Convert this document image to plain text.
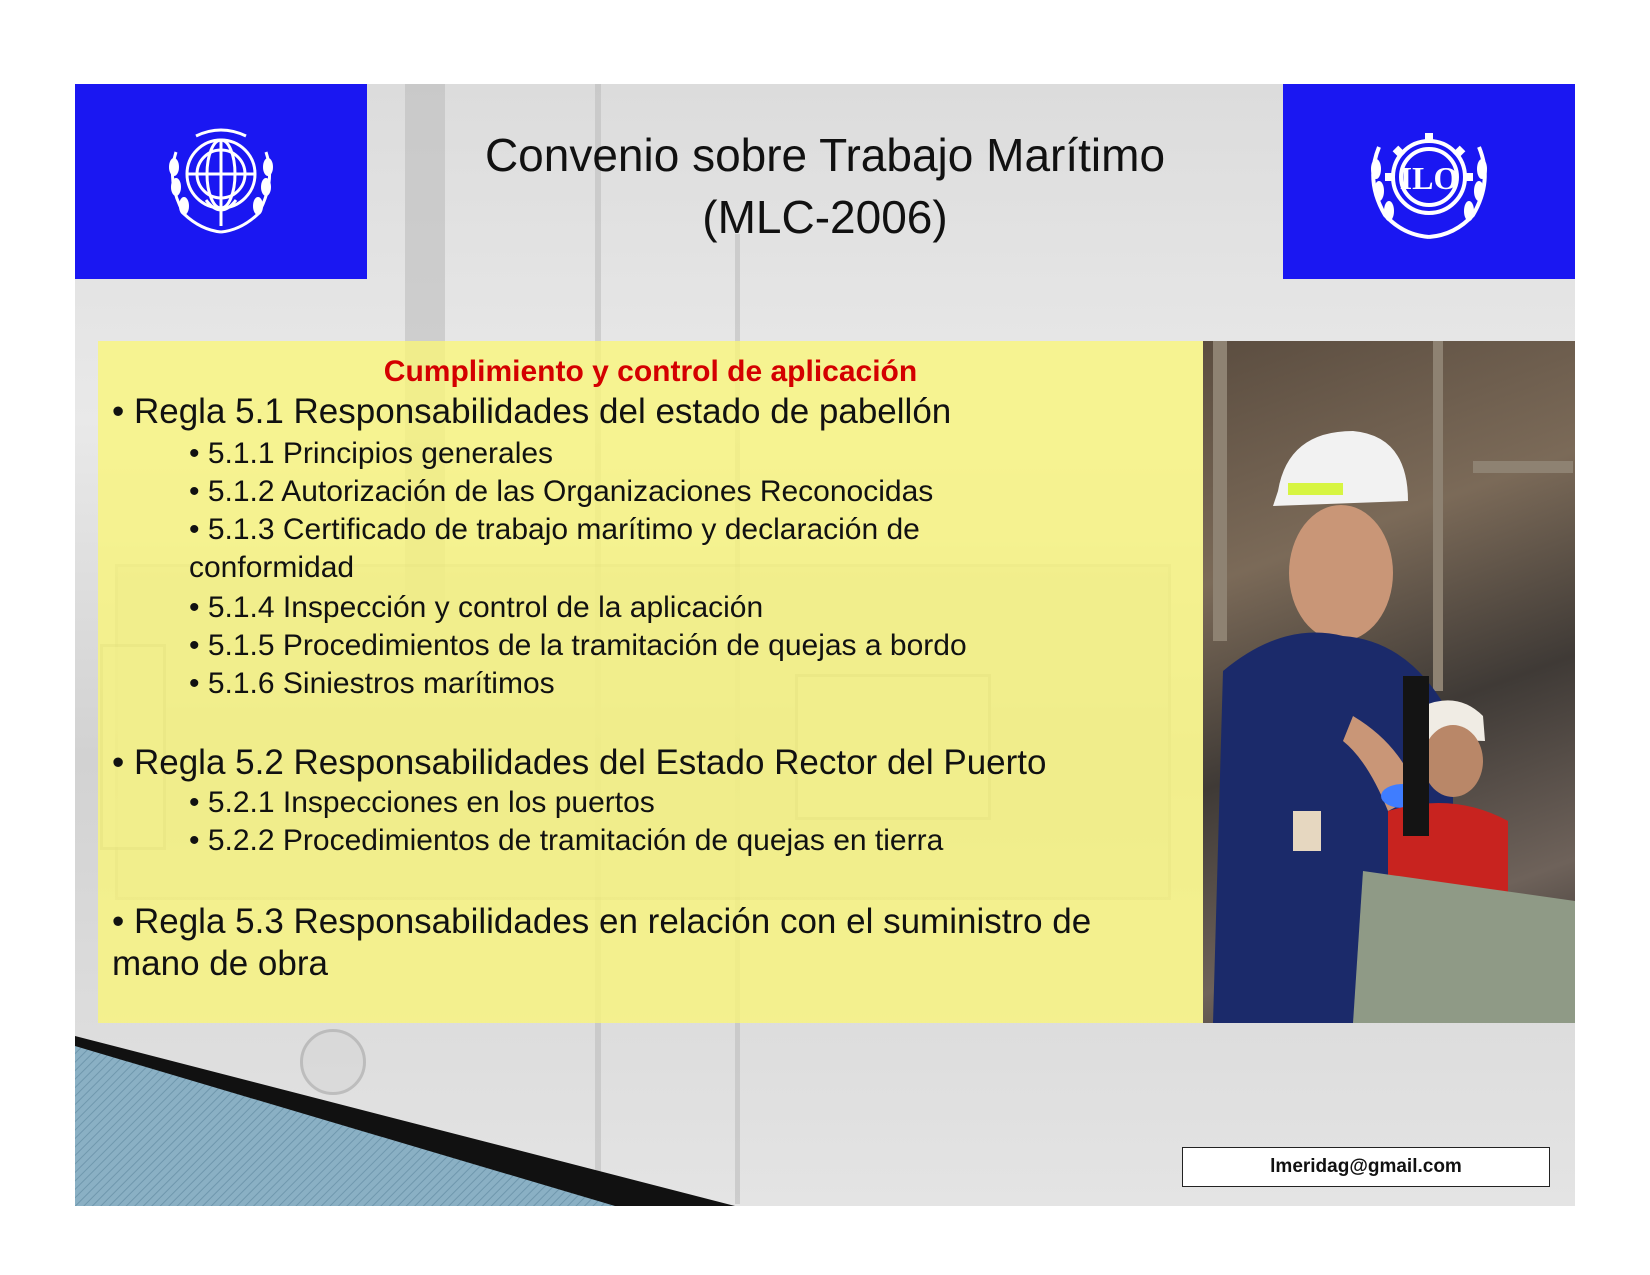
Convenio sobre Trabajo Marítimo
(MLC-2006)
ILO
Cumplimiento y control de aplicación
• Regla 5.1 Responsabilidades del estado de pabellón
• 5.1.1 Principios generales
• 5.1.2 Autorización de las Organizaciones Reconocidas
• 5.1.3 Certificado de trabajo marítimo y declaración de
conformidad
• 5.1.4 Inspección y control de la aplicación
• 5.1.5 Procedimientos de la tramitación de quejas a bordo
• 5.1.6 Siniestros marítimos
• Regla 5.2 Responsabilidades del Estado Rector del Puerto
• 5.2.1 Inspecciones en los puertos
• 5.2.2 Procedimientos de tramitación de quejas en tierra
• Regla 5.3 Responsabilidades en relación con el suministro de
mano de obra
lmeridag@gmail.com
